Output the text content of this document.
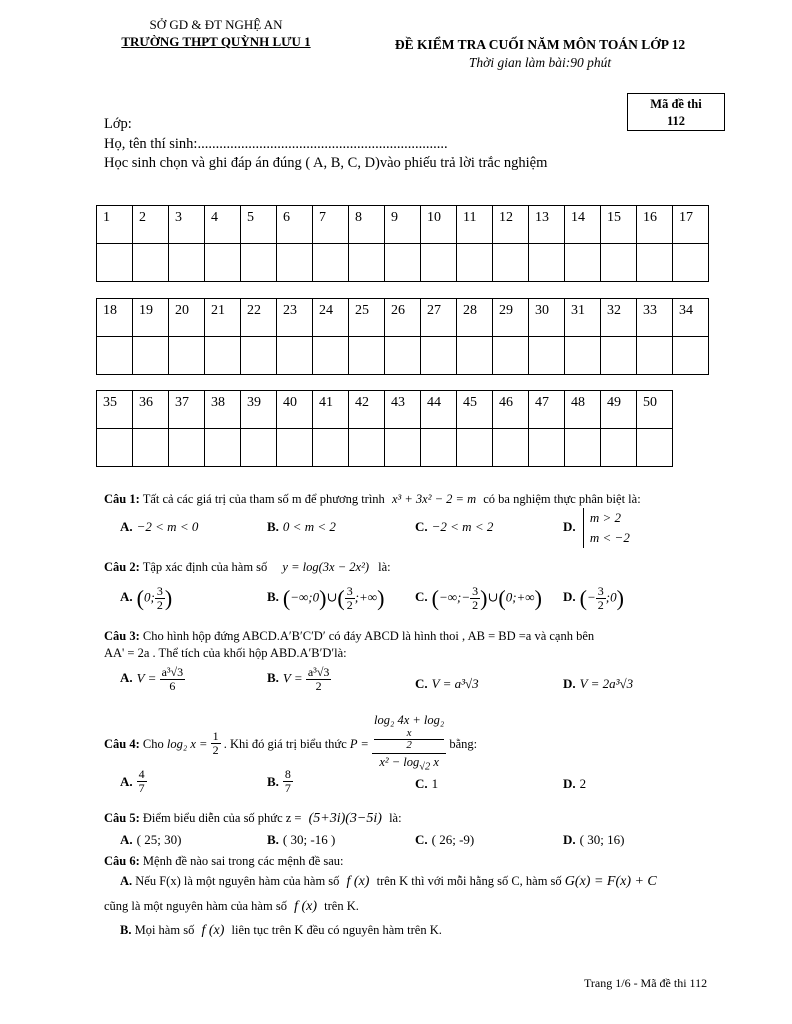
SỞ GD & ĐT NGHỆ AN
TRƯỜNG THPT QUỲNH LƯU 1	ĐỀ KIỂM TRA CUỐI NĂM MÔN TOÁN LỚP 12
Thời gian làm bài:90 phút
Mã đề thi
112
Lớp:
Họ, tên thí sinh:.....................................................................
Học sinh chọn và ghi đáp án đúng ( A, B, C, D)vào phiếu trả lời trắc nghiệm
1	2	3	4	5	6	7	8	9	10	11	12	13	14	15	16	17

18	19	20	21	22	23	24	25	26	27	28	29	30	31	32	33	34

35	36	37	38	39	40	41	42	43	44	45	46	47	48	49	50

Câu 1: Tất cả các giá trị của tham số m để phương trình x³ + 3x² − 2 = m có ba nghiệm thực phân biệt là:
A. −2 < m < 0	B. 0 < m < 2	C. −2 < m < 2	D.
m > 2
m < −2
Câu 2: Tập xác định của hàm số y = log(3x − 2x²) là:
A. (0; $\frac{3}{2}$ )	B. (−∞;0)∪( $\frac{3}{2}$ ;+∞) C. (−∞;− $\frac{3}{2}$ )∪(0;+∞) D. (− $\frac{3}{2}$ ;0)
Câu 3: Cho hình hộp đứng ABCD.A′B′C′D′ có đáy ABCD là hình thoi , AB = BD =a và cạnh bên
AA' = 2a . Thể tích của khối hộp ABD.A′B′D′là:
A. $V = \frac{\text{a³√3}}{6}$	B. $V = \frac{\text{a³√3}}{2}$	C. V = a³√3	D. V = 2a³√3
Câu 4: Cho log₂ $x = \frac{1}{2}$ . Khi đó giá trị biểu thức P = log₂ 4x + log₂
x
2
$x^2 - \log_{√2} x$ bằng:
A. $\frac{4}{7}$	B. $\frac{8}{7}$	C. 1	D. 2
Câu 5: Điểm biểu diễn của số phức z = (5+3i)(3−5i) là:
A. ( 25; 30)	B. ( 30; -16 )	C. ( 26; -9)	D. ( 30; 16)
Câu 6: Mệnh đề nào sai trong các mệnh đề sau:
A. Nếu F(x) là một nguyên hàm của hàm số f (x) trên K thì với mỗi hằng số C, hàm số G(x) = F(x) + C
cũng là một nguyên hàm của hàm số f (x) trên K.
B. Mọi hàm số f (x) liên tục trên K đều có nguyên hàm trên K.
Trang 1/6 - Mã đề thi 112
